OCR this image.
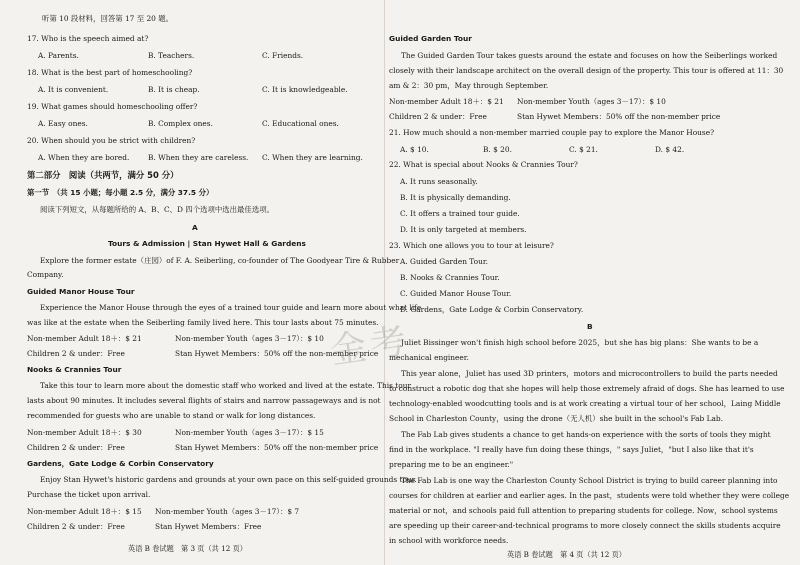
听第 10 段材料，回答第 17 至 20 题。
17. Who is the speech aimed at?
A. Parents.	B. Teachers.	C. Friends.
18. What is the best part of homeschooling?
A. It is convenient.	B. It is cheap.	C. It is knowledgeable.
19. What games should homeschooling offer?
A. Easy ones.	B. Complex ones.	C. Educational ones.
20. When should you be strict with children?
A. When they are bored.	B. When they are careless. C. When they are learning.
第二部分　阅读（共两节，满分 50 分）
第一节　（共 15 小题；每小题 2.5 分，满分 37.5 分）
阅读下列短文，从每题所给的 A、B、C、D 四个选项中选出最佳选项。
A
Tours & Admission | Stan Hywet Hall & Gardens
Explore the former estate（庄园）of F. A. Seiberling, co-founder of The Goodyear Tire & Rubber
Company.
Guided Manor House Tour
Experience the Manor House through the eyes of a trained tour guide and learn more about what life
was like at the estate when the Seiberling family lived here. This tour lasts about 75 minutes.
Non-member Adult 18＋：$ 21	Non-member Youth（ages 3－17）：$ 10
Children 2 & under：Free	Stan Hywet Members：50% off the non-member price
Nooks & Crannies Tour
Take this tour to learn more about the domestic staff who worked and lived at the estate. This tour
lasts about 90 minutes. It includes several flights of stairs and narrow passageways and is not
recommended for guests who are unable to stand or walk for long distances.
Non-member Adult 18＋：$ 30	Non-member Youth（ages 3－17）：$ 15
Children 2 & under：Free	Stan Hywet Members：50% off the non-member price
Gardens，Gate Lodge & Corbin Conservatory
Enjoy Stan Hywet's historic gardens and grounds at your own pace on this self-guided grounds tour.
Purchase the ticket upon arrival.
Non-member Adult 18＋：$ 15 Non-member Youth（ages 3－17）：$ 7
Children 2 & under：Free	Stan Hywet Members：Free
英语 B 卷试题　第 3 页（共 12 页）
Guided Garden Tour
The Guided Garden Tour takes guests around the estate and focuses on how the Seiberlings worked
closely with their landscape architect on the overall design of the property. This tour is offered at 11：30
am & 2：30 pm，May through September.
Non-member Adult 18＋：$ 21 Non-member Youth（ages 3－17）：$ 10
Children 2 & under：Free	Stan Hywet Members：50% off the non-member price
21. How much should a non-member married couple pay to explore the Manor House?
A. $ 10.	B. $ 20.	C. $ 21.	D. $ 42.
22. What is special about Nooks & Crannies Tour?
A. It runs seasonally.
B. It is physically demanding.
C. It offers a trained tour guide.
D. It is only targeted at members.
23. Which one allows you to tour at leisure?
A. Guided Garden Tour.
B. Nooks & Crannies Tour.
C. Guided Manor House Tour.
D. Gardens，Gate Lodge & Corbin Conservatory.
B
Juliet Bissinger won't finish high school before 2025，but she has big plans：She wants to be a
mechanical engineer.
This year alone，Juliet has used 3D printers，motors and microcontrollers to build the parts needed
to construct a robotic dog that she hopes will help those extremely afraid of dogs. She has learned to use
technology-enabled woodcutting tools and is at work creating a virtual tour of her school，Laing Middle
School in Charleston County，using the drone（无人机）she built in the school's Fab Lab.
The Fab Lab gives students a chance to get hands-on experience with the sorts of tools they might
find in the workplace. "I really have fun doing these things，" says Juliet，"but I also like that it's
preparing me to be an engineer."
The Fab Lab is one way the Charleston County School District is trying to build career planning into
courses for children at earlier and earlier ages. In the past，students were told whether they were college
material or not，and schools paid full attention to preparing students for college. Now，school systems
are speeding up their career-and-technical programs to more closely connect the skills students acquire
in school with workforce needs.
英语 B 卷试题　第 4 页（共 12 页）
金考
